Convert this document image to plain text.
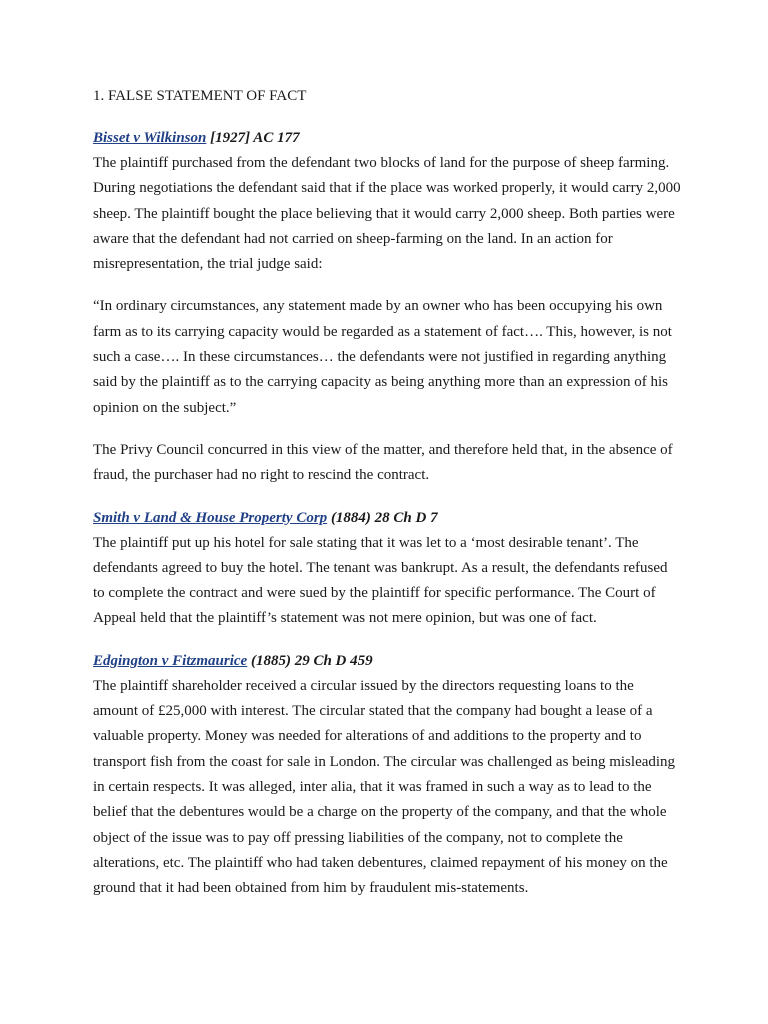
1. FALSE STATEMENT OF FACT

Bisset v Wilkinson [1927] AC 177

The plaintiff purchased from the defendant two blocks of land for the purpose of sheep farming. During negotiations the defendant said that if the place was worked properly, it would carry 2,000 sheep. The plaintiff bought the place believing that it would carry 2,000 sheep. Both parties were aware that the defendant had not carried on sheep-farming on the land. In an action for misrepresentation, the trial judge said:

“In ordinary circumstances, any statement made by an owner who has been occupying his own farm as to its carrying capacity would be regarded as a statement of fact…. This, however, is not such a case…. In these circumstances… the defendants were not justified in regarding anything said by the plaintiff as to the carrying capacity as being anything more than an expression of his opinion on the subject.”

The Privy Council concurred in this view of the matter, and therefore held that, in the absence of fraud, the purchaser had no right to rescind the contract.

Smith v Land & House Property Corp (1884) 28 Ch D 7

The plaintiff put up his hotel for sale stating that it was let to a ‘most desirable tenant’. The defendants agreed to buy the hotel. The tenant was bankrupt. As a result, the defendants refused to complete the contract and were sued by the plaintiff for specific performance. The Court of Appeal held that the plaintiff’s statement was not mere opinion, but was one of fact.

Edgington v Fitzmaurice (1885) 29 Ch D 459

The plaintiff shareholder received a circular issued by the directors requesting loans to the amount of £25,000 with interest. The circular stated that the company had bought a lease of a valuable property. Money was needed for alterations of and additions to the property and to transport fish from the coast for sale in London. The circular was challenged as being misleading in certain respects. It was alleged, inter alia, that it was framed in such a way as to lead to the belief that the debentures would be a charge on the property of the company, and that the whole object of the issue was to pay off pressing liabilities of the company, not to complete the alterations, etc. The plaintiff who had taken debentures, claimed repayment of his money on the ground that it had been obtained from him by fraudulent mis-statements.
